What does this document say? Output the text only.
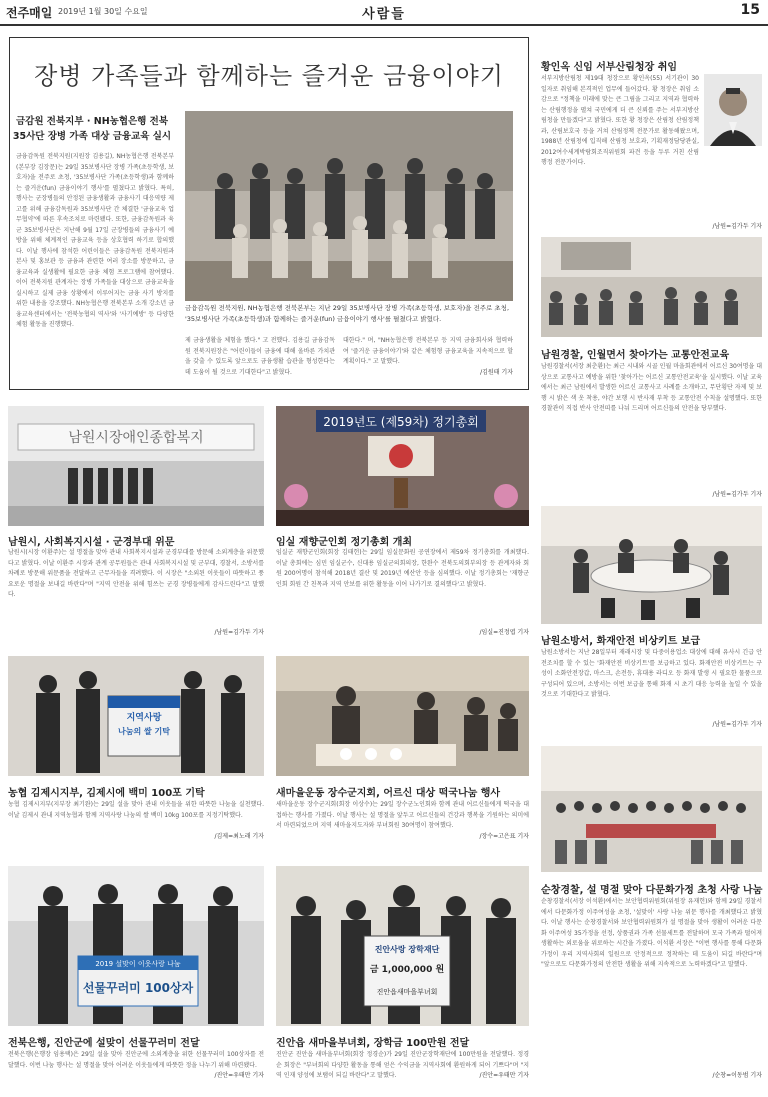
전주매일 2019년 1월 30일 수요일	사람들	15
장병 가족들과 함께하는 즐거운 금융이야기
금감원 전북지부 · NH농협은행 전북
35사단 장병 가족 대상 금융교육 실시
금융감독원 전북지원(지원장 김용길), NH농협은행 전북본부(본부장 김장문)는 29일 35보병사단 장병 가족(초등학생, 보호자)을 전주로 초청, '35보병사단 가족(초등학생)과 함께하는 즐거운(fun) 금융이야기 행사'를 펼쳤다고 밝혔다. 특히, 행사는 군장병들의 안정된 금융생활과 금융사기 대응역량 제고를 위해 금융감독원과 35보병사단 간 체결한 '금융교육 업무협약'에 따른 후속조치로 마련됐다. 또한, 금융감독원과 육군 35보병사단은 지난해 9월 17일 군장병들의 금융사기 예방을 위해 체계적인 금융교육 등을 상호협력 하기로 합의했다. 이날 행사에 참석한 어린이들은 금융감독원 전북지원과 본사 및 홍보관 등 금융과 관련한 여러 장소를 방문하고, 금융교육과 실생활에 필요한 금융 체험 프로그램에 참여했다. 이어 전북지원 관계자는 장병 가족들을 대상으로 금융교육을 실시하고 실제 금융 상황에서 이루어지는 금융 사기 방지를 위한 내용을 강조했다. NH농협은행 전북본부 소개 강소년 금융교육센터에서는 '전북농협의 역사'와 '사기예방' 등 다양한 체험 활동을 진행했다.
금융감독원 전북지원, NH농협은행 전북본부는 지난 29일 35보병사단 장병 가족(초등학생, 보호자)을 전주로 초청, '35보병사단 가족(초등학생)과 함께하는 즐거운(fun) 금융이야기 행사'를 펼쳤다고 밝혔다.
제 금융생활을 체험을 했다." 고 전했다. 김용길 금융감독원 전북지원장은 "어린이들이 금융에 대해 올바른 가치관을 갖출 수 있도록 앞으로도 금융생활 습관을 형성한다는데 도움이 될 것으로 기대한다"고 밝혔다.
대한다." 며, "NH농협은행 전북본부 등 지역 금융회사와 협력하여 '즐거운 금융이야기'와 같은 체험형 금융교육을 지속적으로 할 계획이다." 고 말했다.
/김원태 기자
황인옥 신임 서부산림청장 취임
서부지방산림청 제19대 청장으로 황인옥(55) 서기관이 30일자로 취임해 본격적인 업무에 들어갔다. 황 청장은 취임 소감으로 "정책을 미래에 맞는 큰 그림을 그리고 지역과 협력하는 산림행정을 펼쳐 국민에게 더 큰 신뢰를 주는 서부지방산림청을 만들겠다"고 밝혔다. 또한 황 청장은 산림청 산림정책과, 산림보호국 등을 거쳐 산림정책 전문가로 활동해왔으며, 1988년 산림청에 입직해 산림청 보호과, 기획재정담당관실, 2012여수세계박람회조직위원회 파견 등을 두루 거친 산림행정 전문가이다.
/남원=김가두 기자
남원경찰, 인월면서 찾아가는 교통안전교육
남원경찰서(서장 최춘환)는 최근 시내와 시골 인월 마을회관에서 어르신 30여명을 대상으로 교통사고 예방을 위한 '찾아가는 어르신 교통안전교육'을 실시했다. 이날 교육에서는 최근 남원에서 발생한 어르신 교통사고 사례를 소개하고, 무단횡단 자제 및 보행 시 밝은 색 옷 착용, 야간 보행 시 반사재 부착 등 교통안전 수칙을 설명했다. 또한 경찰관이 직접 반사 안전띠를 나눠 드리며 어르신들의 안전을 당부했다.
/남원=김가두 기자
남원소방서, 화재안전 비상키트 보급
남원소방서는 지난 28일부터 재래시장 및 다중이용업소 대상에 대해 유사시 긴급 안전조치를 할 수 있는 '화재안전 비상키트'를 보급하고 있다. 화재안전 비상키트는 구성이 소화안전장갑, 마스크, 손전등, 휴대용 라디오 등 화재 발생 시 필요한 물품으로 구성되어 있으며, 소방서는 이번 보급을 통해 화재 시 초기 대응 능력을 높일 수 있을 것으로 기대한다고 밝혔다.
/남원=김가두 기자
순창경찰, 설 명절 맞아 다문화가정 초청 사랑 나눔
순창경찰서(서장 이석환)에서는 보안협력위원회(위원장 유재헌)와 함께 29일 경찰서에서 다문화가정 이주여성을 초청, '설맞이' 사랑 나눔 위문 행사를 개최했다고 밝혔다. 이날 행사는 순창경찰서와 보안협력위원회가 설 명절을 맞아 생활이 어려운 다문화 이주여성 35가정을 선정, 상품권과 가족 선물세트를 전달하며 모국 가족과 떨어져 생활하는 외로움을 위로하는 시간을 가졌다. 이석환 서장은 "이번 행사를 통해 다문화가정이 우리 지역사회의 일원으로 안정적으로 정착하는 데 도움이 되길 바란다"며 "앞으로도 다문화가정의 안전한 생활을 위해 지속적으로 노력하겠다"고 말했다.
/순창=이동범 기자
남원시장애인종합복지
남원시, 사회복지시설 · 군경부대 위문
남원시(시장 이환주)는 설 명절을 맞아 관내 사회복지시설과 군경부대를 방문해 소외계층을 위문했다고 밝혔다. 이날 이환주 시장과 관계 공무원들은 관내 사회복지시설 및 군부대, 경찰서, 소방서를 차례로 방문해 위문품을 전달하고 근무자들을 격려했다. 이 시장은 "소외된 이웃들이 따뜻하고 풍요로운 명절을 보내길 바란다"며 "지역 안전을 위해 힘쓰는 군경 장병들에게 감사드린다"고 말했다.
/남원=김가두 기자
2019년도 (제59차) 정기총회
임실 재향군인회 정기총회 개최
임실군 재향군인회(회장 김태헌)는 29일 임실문화원 공연장에서 제59차 정기총회를 개최했다. 이날 총회에는 심민 임실군수, 신대용 임실군의회의장, 한완수 전북도의회부의장 등 관계자와 회원 200여명이 참석해 2018년 결산 및 2019년 예산안 등을 심의했다. 이날 정기총회는 '재향군인회 회원 간 친목과 지역 안보를 위한 활동을 이어 나가기로 결의했다'고 밝혔다.
/임실=진정엽 기자
지역사랑
나눔의 쌀 기탁
농협 김제시지부, 김제시에 백미 100포 기탁
농협 김제시지부(지부장 최기완)는 29일 설을 맞아 관내 이웃들을 위한 따뜻한 나눔을 실천했다. 이날 김제시 관내 지역농협과 함께 지역사랑 나눔의 쌀 백미 10kg 100포를 지정기탁했다.
/김제=최노래 기자
새마을운동 장수군지회, 어르신 대상 떡국나눔 행사
새마을운동 장수군지회(회장 이상수)는 29일 장수군노인회와 함께 관내 어르신들에게 떡국을 대접하는 행사를 가졌다. 이날 행사는 설 명절을 앞두고 어르신들의 건강과 행복을 기원하는 의미에서 마련되었으며 지역 새마을지도자와 부녀회원 30여명이 참여했다.
/장수=고은표 기자
2019 설맞이 이웃사랑 나눔
선물꾸러미 100상자
전북은행, 진안군에 설맞이 선물꾸러미 전달
전북은행(은행장 임용택)은 29일 설을 맞아 진안군에 소외계층을 위한 선물꾸러미 100상자를 전달했다. 이번 나눔 행사는 설 명절을 맞아 어려운 이웃들에게 따뜻한 정을 나누기 위해 마련됐다.
/진안=우태만 기자
진안사랑 장학재단
금 1,000,000 원
진안읍새마을부녀회
진안읍 새마을부녀회, 장학금 100만원 전달
진안군 진안읍 새마을부녀회(회장 정경순)가 29일 진안군장학재단에 100만원을 전달했다. 정경순 회장은 "부녀회의 다양한 활동을 통해 얻은 수익금을 지역사회에 환원하게 되어 기쁘다"며 "지역 인재 양성에 보탬이 되길 바란다"고 말했다.	/진안=우태만 기자
